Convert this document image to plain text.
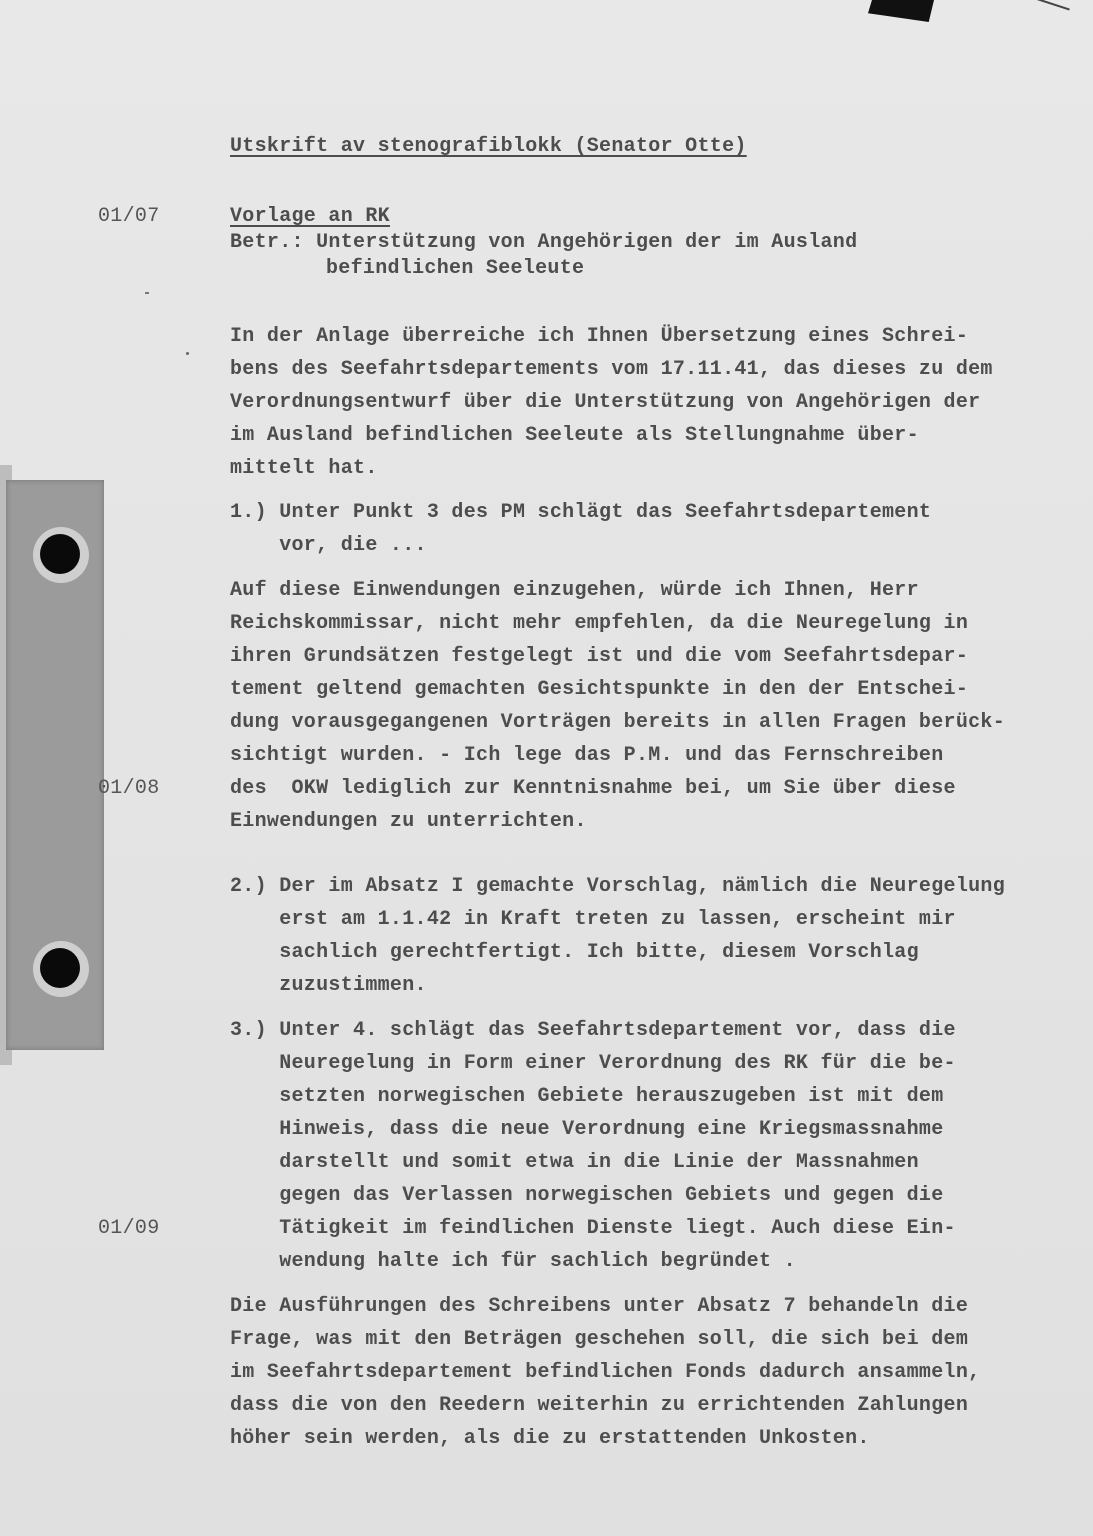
Utskrift av stenografiblokk (Senator Otte)

01/07	Vorlage an RK

Betr.: Unterstützung von Angehörigen der im Ausland

befindlichen Seeleute

In der Anlage überreiche ich Ihnen Übersetzung eines Schrei-

bens des Seefahrtsdepartements vom 17.11.41, das dieses zu dem

Verordnungsentwurf über die Unterstützung von Angehörigen der

im Ausland befindlichen Seeleute als Stellungnahme über-

mittelt hat.

1.) Unter Punkt 3 des PM schlägt das Seefahrtsdepartement

vor, die ...

Auf diese Einwendungen einzugehen, würde ich Ihnen, Herr

Reichskommissar, nicht mehr empfehlen, da die Neuregelung in

ihren Grundsätzen festgelegt ist und die vom Seefahrtsdepar-

tement geltend gemachten Gesichtspunkte in den der Entschei-

dung vorausgegangenen Vorträgen bereits in allen Fragen berück-

sichtigt wurden. - Ich lege das P.M. und das Fernschreiben

des  OKW lediglich zur Kenntnisnahme bei, um Sie über diese

Einwendungen zu unterrichten.

01/08

2.) Der im Absatz I gemachte Vorschlag, nämlich die Neuregelung

erst am 1.1.42 in Kraft treten zu lassen, erscheint mir

sachlich gerechtfertigt. Ich bitte, diesem Vorschlag

zuzustimmen.

3.) Unter 4. schlägt das Seefahrtsdepartement vor, dass die

Neuregelung in Form einer Verordnung des RK für die be-

setzten norwegischen Gebiete herauszugeben ist mit dem

Hinweis, dass die neue Verordnung eine Kriegsmassnahme

darstellt und somit etwa in die Linie der Massnahmen

gegen das Verlassen norwegischen Gebiets und gegen die

Tätigkeit im feindlichen Dienste liegt. Auch diese Ein-

wendung halte ich für sachlich begründet .

01/09

Die Ausführungen des Schreibens unter Absatz 7 behandeln die

Frage, was mit den Beträgen geschehen soll, die sich bei dem

im Seefahrtsdepartement befindlichen Fonds dadurch ansammeln,

dass die von den Reedern weiterhin zu errichtenden Zahlungen

höher sein werden, als die zu erstattenden Unkosten.
